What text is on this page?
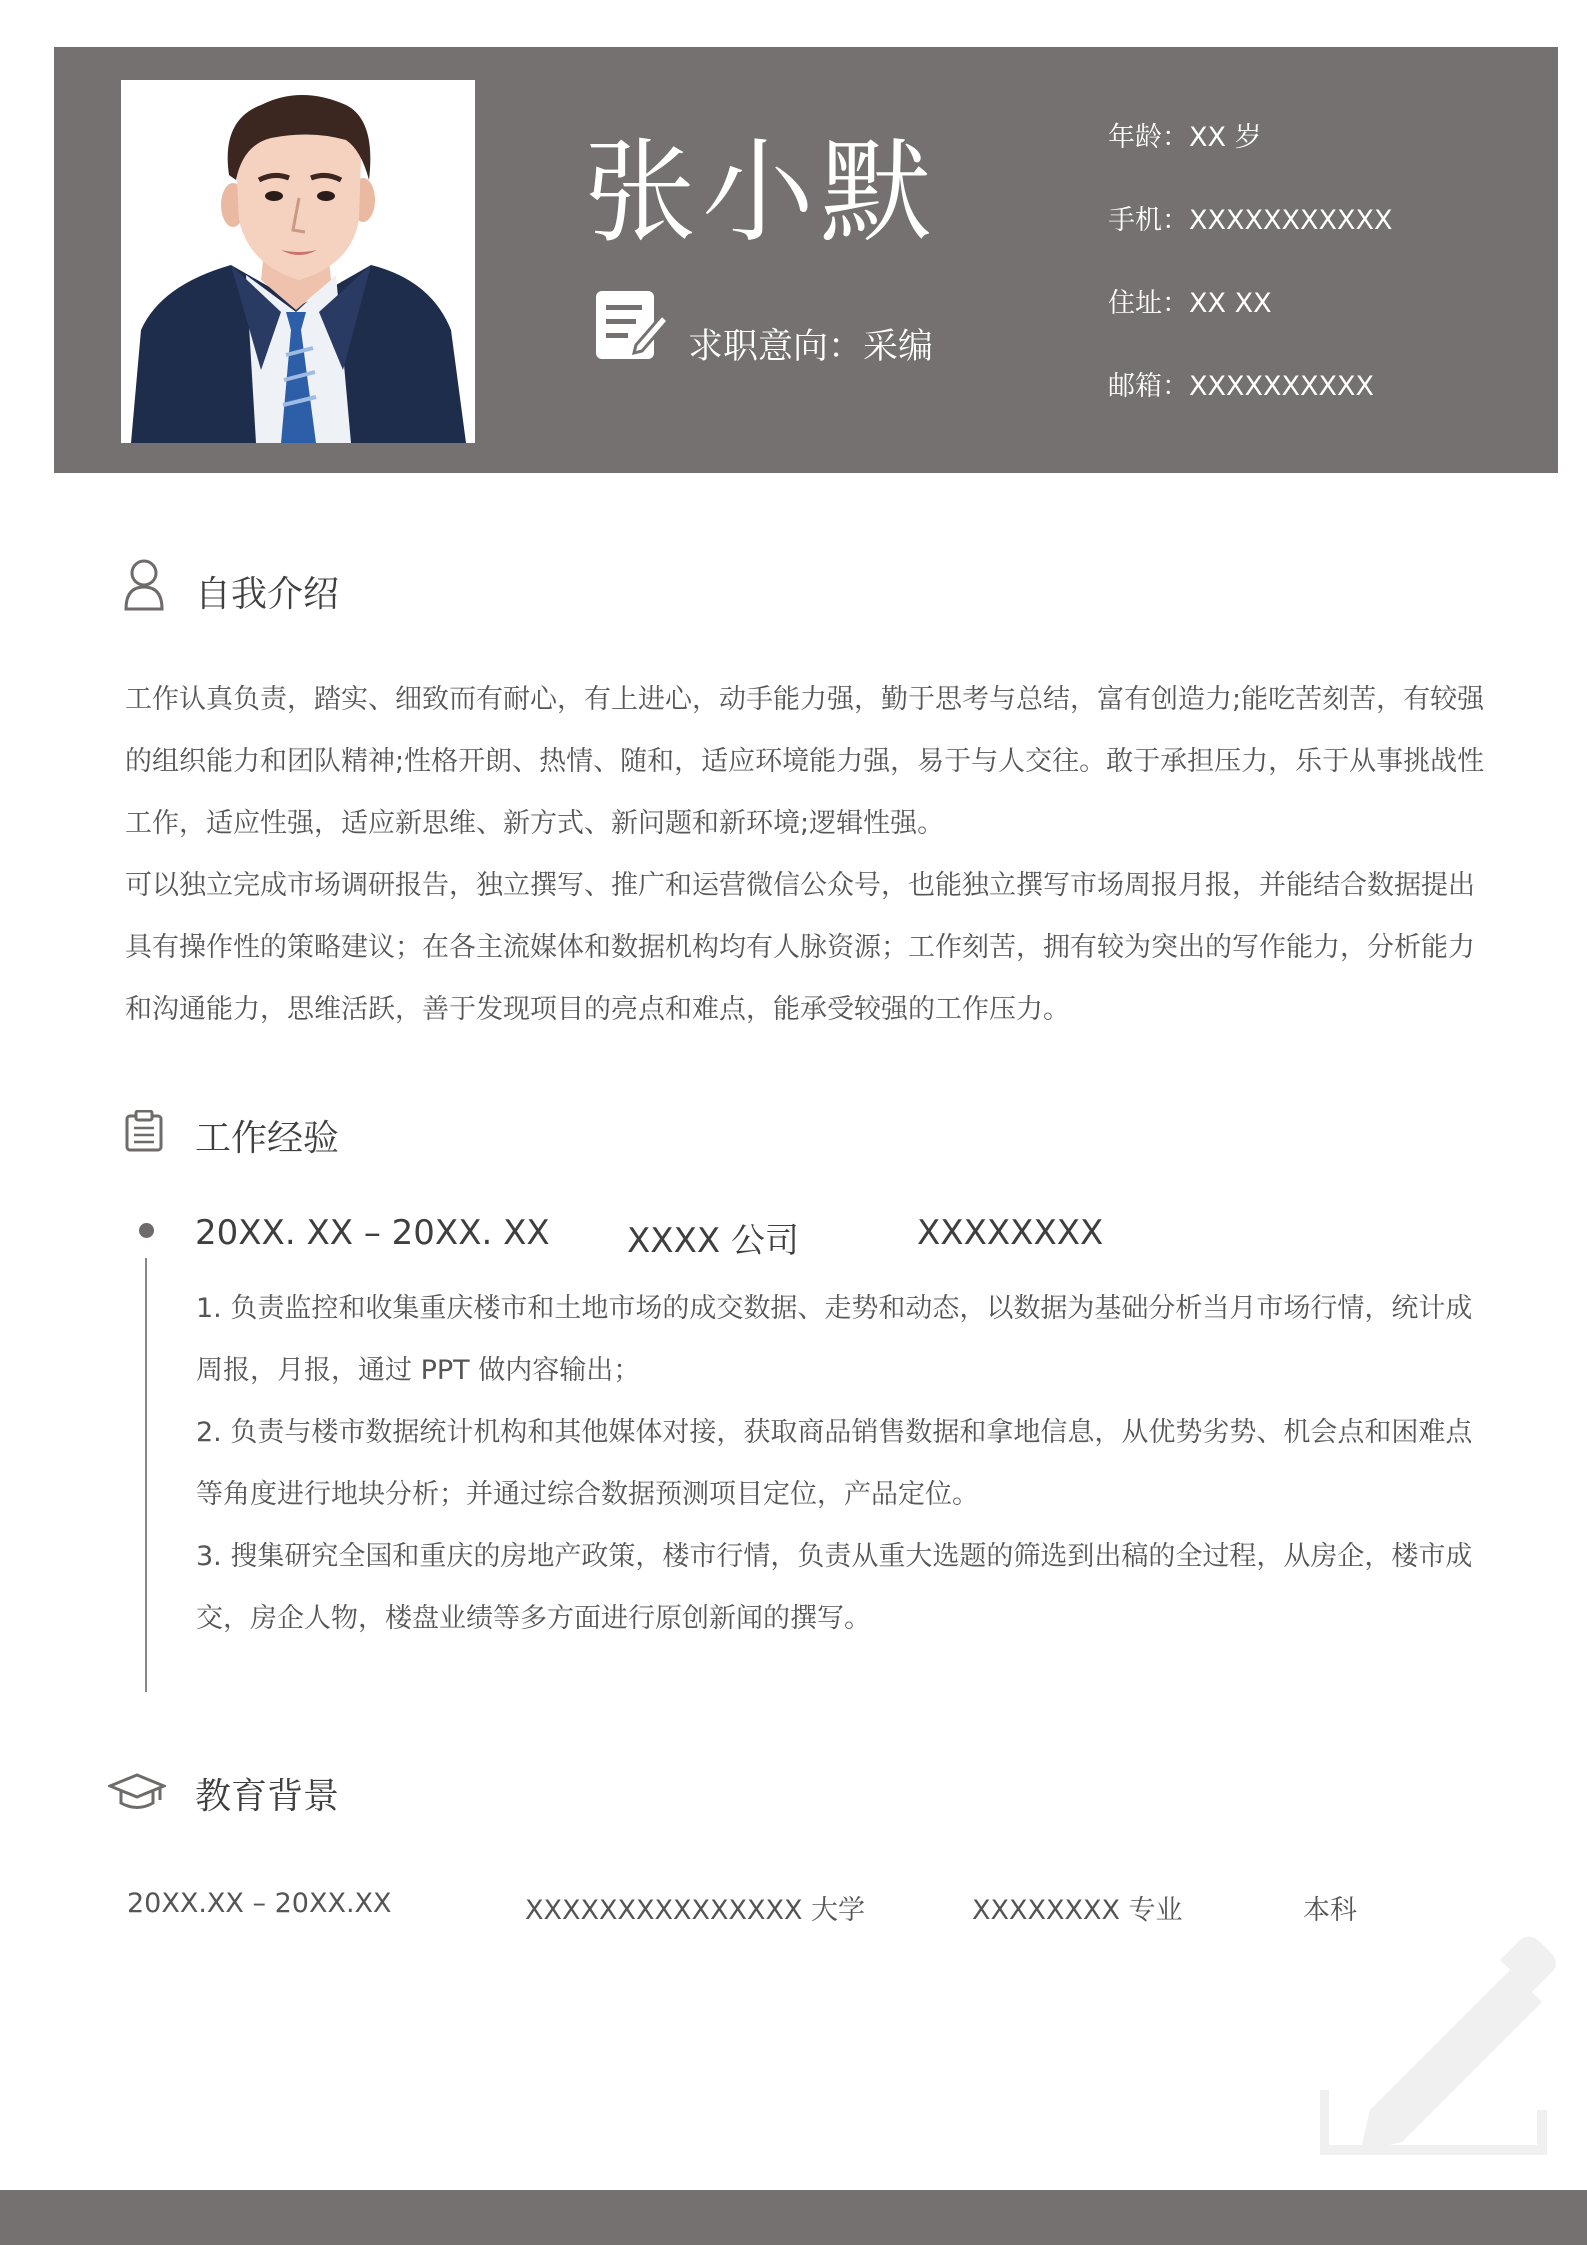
张小默
求职意向：采编
年龄：XX 岁
手机：XXXXXXXXXXX
住址：XX XX
邮箱：XXXXXXXXXX
自我介绍

工作认真负责，踏实、细致而有耐心，有上进心，动手能力强，勤于思考与总结，富有创造力;能吃苦刻苦，有较强的组织能力和团队精神;性格开朗、热情、随和，适应环境能力强，易于与人交往。敢于承担压力，乐于从事挑战性工作，适应性强，适应新思维、新方式、新问题和新环境;逻辑性强。

可以独立完成市场调研报告，独立撰写、推广和运营微信公众号，也能独立撰写市场周报月报，并能结合数据提出具有操作性的策略建议；在各主流媒体和数据机构均有人脉资源；工作刻苦，拥有较为突出的写作能力，分析能力和沟通能力，思维活跃，善于发现项目的亮点和难点，能承受较强的工作压力。

工作经验
20XX. XX – 20XX. XX XXXX 公司	XXXXXXXX

1. 负责监控和收集重庆楼市和土地市场的成交数据、走势和动态，以数据为基础分析当月市场行情，统计成周报，月报，通过 PPT 做内容输出；

2. 负责与楼市数据统计机构和其他媒体对接，获取商品销售数据和拿地信息，从优势劣势、机会点和困难点等角度进行地块分析；并通过综合数据预测项目定位，产品定位。

3. 搜集研究全国和重庆的房地产政策，楼市行情，负责从重大选题的筛选到出稿的全过程，从房企，楼市成交，房企人物，楼盘业绩等多方面进行原创新闻的撰写。

教育背景
20XX.XX – 20XX.XX	XXXXXXXXXXXXXXX 大学	XXXXXXXX 专业	本科
